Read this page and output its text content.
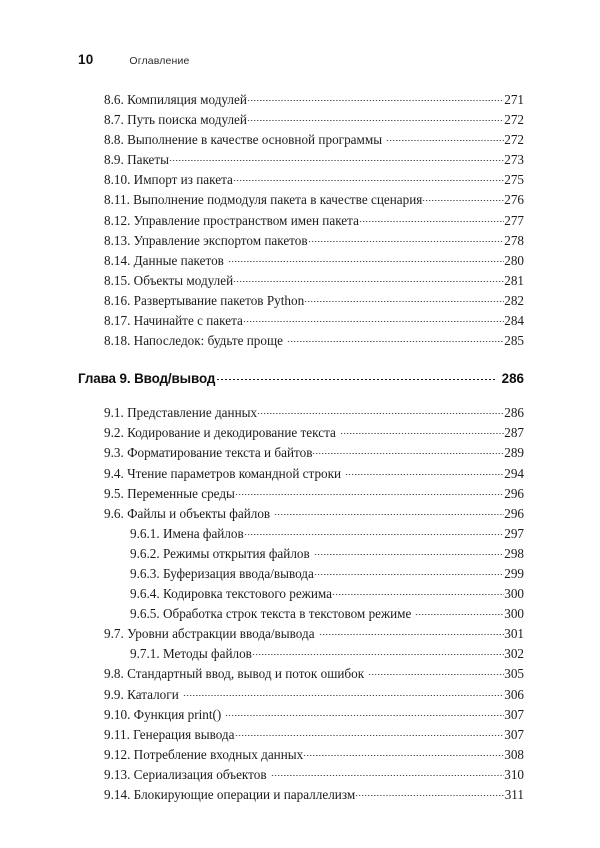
10	Оглавление
8.6. Компиляция модулей	271
8.7. Путь поиска модулей	272
8.8. Выполнение в качестве основной программы	272
8.9. Пакеты	273
8.10. Импорт из пакета	275
8.11. Выполнение подмодуля пакета в качестве сценария	276
8.12. Управление пространством имен пакета	277
8.13. Управление экспортом пакетов	278
8.14. Данные пакетов	280
8.15. Объекты модулей	281
8.16. Развертывание пакетов Python	282
8.17. Начинайте с пакета	284
8.18. Напоследок: будьте проще	285
Глава 9. Ввод/вывод	286
9.1. Представление данных	286
9.2. Кодирование и декодирование текста	287
9.3. Форматирование текста и байтов	289
9.4. Чтение параметров командной строки	294
9.5. Переменные среды	296
9.6. Файлы и объекты файлов	296
9.6.1. Имена файлов	297
9.6.2. Режимы открытия файлов	298
9.6.3. Буферизация ввода/вывода	299
9.6.4. Кодировка текстового режима	300
9.6.5. Обработка строк текста в текстовом режиме	300
9.7. Уровни абстракции ввода/вывода	301
9.7.1. Методы файлов	302
9.8. Стандартный ввод, вывод и поток ошибок	305
9.9. Каталоги	306
9.10. Функция print()	307
9.11. Генерация вывода	307
9.12. Потребление входных данных	308
9.13. Сериализация объектов	310
9.14. Блокирующие операции и параллелизм	311
